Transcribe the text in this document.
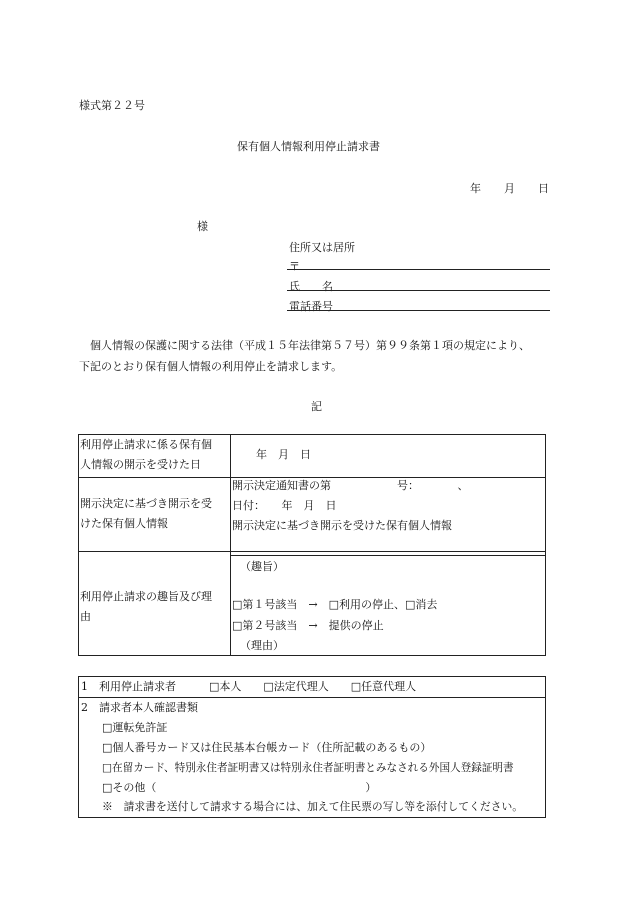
様式第２２号
保有個人情報利用停止請求書
年 月 日
様
住所又は居所
〒
氏　　名
電話番号
　個人情報の保護に関する法律（平成１５年法律第５７号）第９９条第１項の規定により、
下記のとおり保有個人情報の利用停止を請求します。
記
利用停止請求に係る保有個
人情報の開示を受けた日
年　月　日
開示決定に基づき開示を受
けた保有個人情報
開示決定通知書の第　　　　　　号：　　　　、
日付：　　年　月　日
開示決定に基づき開示を受けた保有個人情報
利用停止請求の趣旨及び理
由
（趣旨）
□第１号該当　→　□利用の停止、□消去
□第２号該当　→　提供の停止
（理由）
1　利用停止請求者　　　□本人　　□法定代理人　　□任意代理人
2　請求者本人確認書類
□運転免許証
□個人番号カード又は住民基本台帳カード（住所記載のあるもの）
□在留カード、特別永住者証明書又は特別永住者証明書とみなされる外国人登録証明書
□その他（　　　　　　　　　　　　　　　　　　　）
※　請求書を送付して請求する場合には、加えて住民票の写し等を添付してください。
